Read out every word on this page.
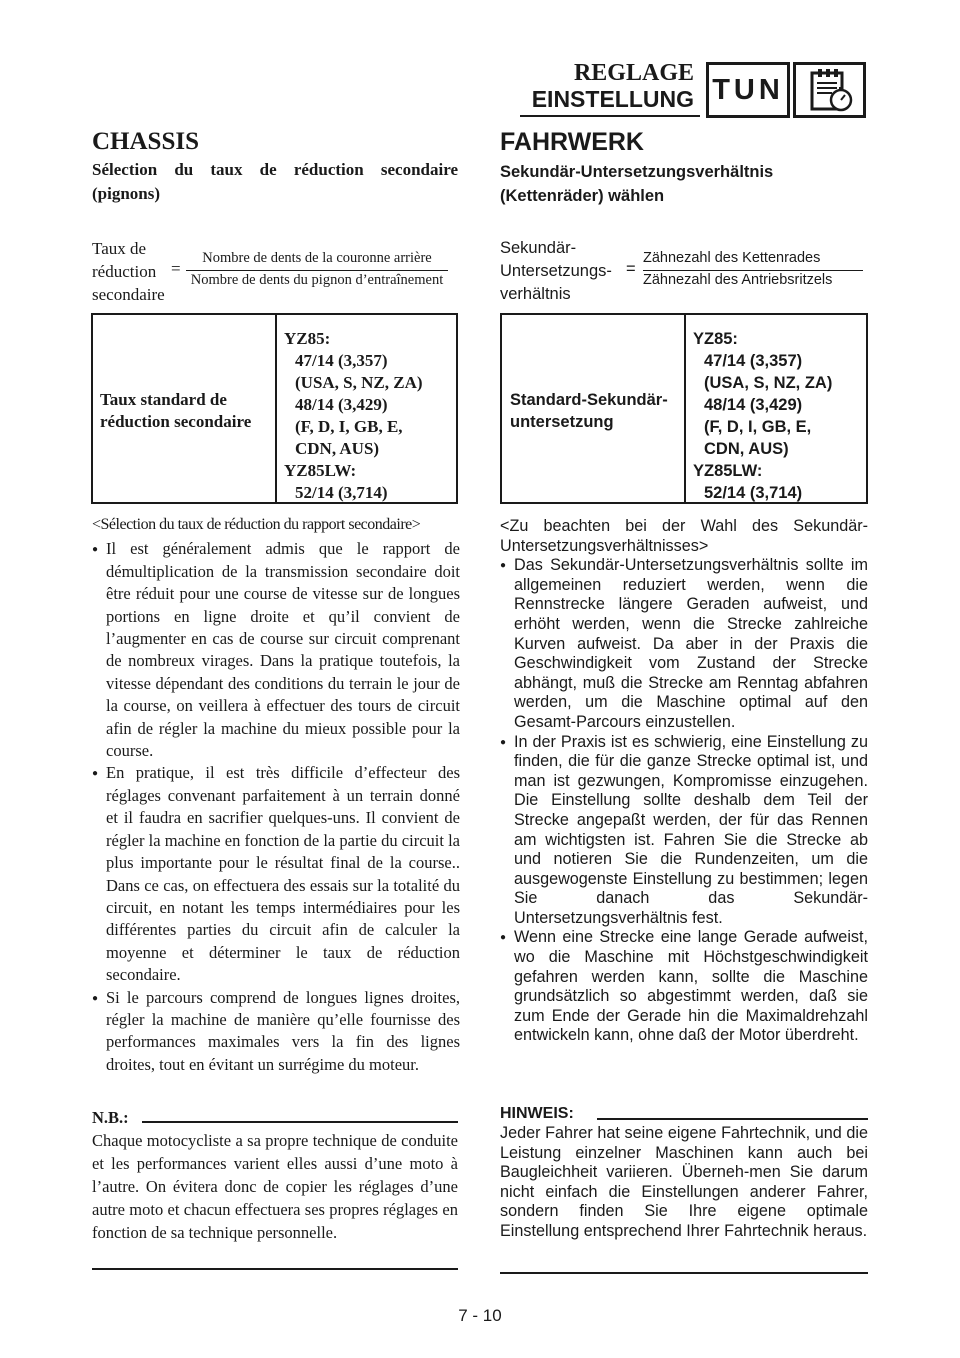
REGLAGE
EINSTELLUNG TUN
CHASSIS
Sélection du taux de réduction secondaire (pignons)
Taux de
réduction
secondaire
=
Nombre de dents de la couronne arrière
Nombre de dents du pignon d’entraînement
Taux standard de réduction secondaire
YZ85:
47/14 (3,357)
(USA, S, NZ, ZA)
48/14 (3,429)
(F, D, I, GB, E,
CDN, AUS)
YZ85LW:
52/14 (3,714)
<Sélection du taux de réduction du rapport secondaire>
● Il est généralement admis que le rapport de démultiplication de la transmission secondaire doit être réduit pour une course de vitesse sur de longues portions en ligne droite et qu’il convient de l’augmenter en cas de course sur circuit comprenant de nombreux virages. Dans la pratique toutefois, la vitesse dépendant des conditions du terrain le jour de la course, on veillera à effectuer des tours de circuit afin de régler la machine du mieux possible pour la course.
● En pratique, il est très difficile d’effecteur des réglages convenant parfaitement à un terrain donné et il faudra en sacrifier quelques-uns. Il convient de régler la machine en fonction de la partie du circuit la plus importante pour le résultat final de la course.. Dans ce cas, on effectuera des essais sur la totalité du circuit, en notant les temps intermédiaires pour les différentes parties du circuit afin de calculer la moyenne et déterminer le taux de réduction secondaire.
● Si le parcours comprend de longues lignes droites, régler la machine de manière qu’elle fournisse des performances maximales vers la fin des lignes droites, tout en évitant un surrégime du moteur.
N.B.:
Chaque motocycliste a sa propre technique de conduite et les performances varient elles aussi d’une moto à l’autre. On évitera donc de copier les réglages d’une autre moto et chacun effectuera ses propres réglages en fonction de sa technique personnelle.
FAHRWERK
Sekundär-Untersetzungsverhältnis (Kettenräder) wählen
Sekundär-
Untersetzungs-
verhältnis
=
Zähnezahl des Kettenrades
Zähnezahl des Antriebsritzels
Standard-Sekundär-untersetzung
YZ85:
47/14 (3,357)
(USA, S, NZ, ZA)
48/14 (3,429)
(F, D, I, GB, E,
CDN, AUS)
YZ85LW:
52/14 (3,714)
<Zu beachten bei der Wahl des Sekundär-Untersetzungsverhältnisses>
● Das Sekundär-Untersetzungsverhältnis sollte im allgemeinen reduziert werden, wenn die Rennstrecke längere Geraden aufweist, und erhöht werden, wenn die Strecke zahlreiche Kurven aufweist. Da aber in der Praxis die Geschwindigkeit vom Zustand der Strecke abhängt, muß die Strecke am Renntag abfahren werden, um die Maschine optimal auf den Gesamt-Parcours einzustellen.
● In der Praxis ist es schwierig, eine Einstellung zu finden, die für die ganze Strecke optimal ist, und man ist gezwungen, Kompromisse einzugehen. Die Einstellung sollte deshalb dem Teil der Strecke angepaßt werden, der für das Rennen am wichtigsten ist. Fahren Sie die Strecke ab und notieren Sie die Rundenzeiten, um die ausgewogenste Einstellung zu bestimmen; legen Sie danach das Sekundär-Untersetzungsverhältnis fest.
● Wenn eine Strecke eine lange Gerade aufweist, wo die Maschine mit Höchstgeschwindigkeit gefahren werden kann, sollte die Maschine grundsätzlich so abgestimmt werden, daß sie zum Ende der Gerade hin die Maximaldrehzahl entwickeln kann, ohne daß der Motor überdreht.
HINWEIS:
Jeder Fahrer hat seine eigene Fahrtechnik, und die Leistung einzelner Maschinen kann auch bei Baugleichheit variieren. Überneh-men Sie darum nicht einfach die Einstellungen anderer Fahrer, sondern finden Sie Ihre eigene optimale Einstellung entsprechend Ihrer Fahrtechnik heraus.
7 - 10
